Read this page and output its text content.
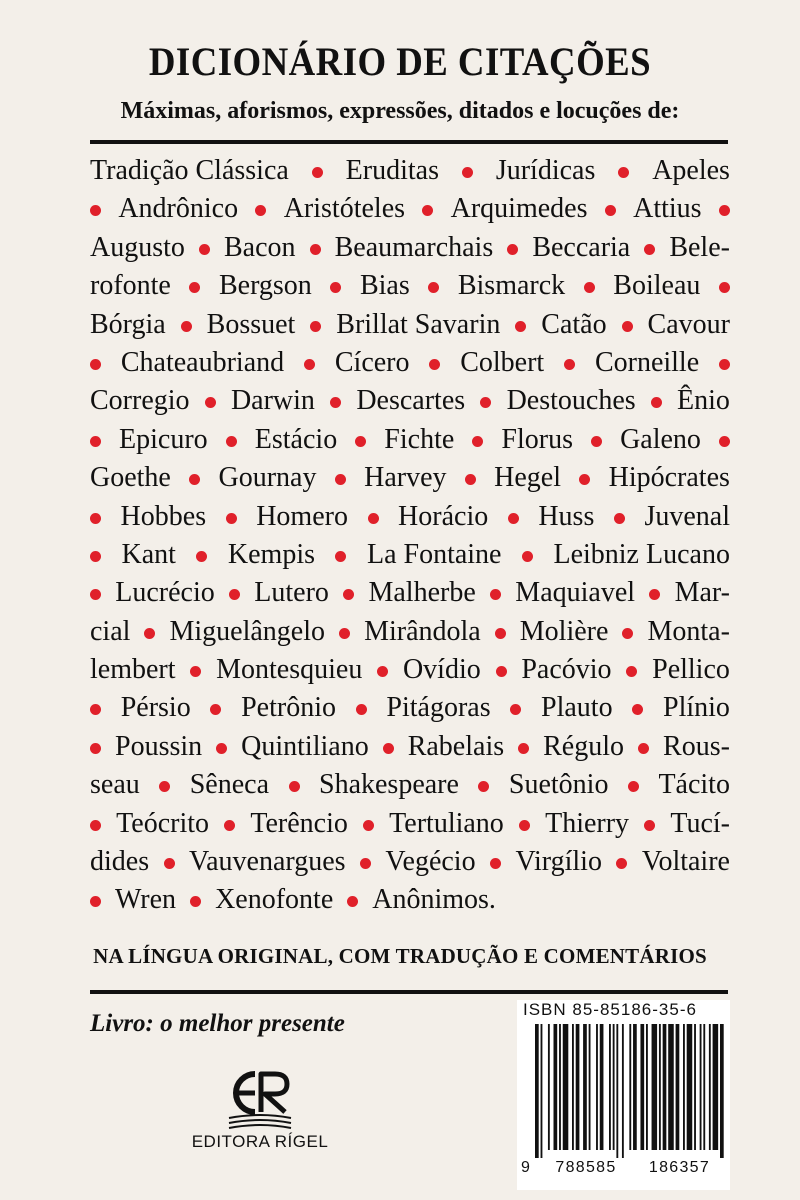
DICIONÁRIO DE CITAÇÕES
Máximas, aforismos, expressões, ditados e locuções de:
Tradição Clássica Eruditas Jurídicas Apeles
Andrônico Aristóteles Arquimedes Attius
Augusto Bacon Beaumarchais Beccaria Bele-
rofonte Bergson Bias Bismarck Boileau
Bórgia Bossuet Brillat Savarin Catão Cavour
Chateaubriand Cícero Colbert Corneille
Corregio Darwin Descartes Destouches Ênio
Epicuro Estácio Fichte Florus Galeno
Goethe Gournay Harvey Hegel Hipócrates
Hobbes Homero Horácio Huss Juvenal
Kant Kempis La Fontaine Leibniz Lucano
Lucrécio Lutero Malherbe Maquiavel Mar-
cial Miguelângelo Mirândola Molière Monta-
lembert Montesquieu Ovídio Pacóvio Pellico
Pérsio Petrônio Pitágoras Plauto Plínio
Poussin Quintiliano Rabelais Régulo Rous-
seau Sêneca Shakespeare Suetônio Tácito
Teócrito Terêncio Tertuliano Thierry Tucí-
dides Vauvenargues Vegécio Virgílio Voltaire
Wren Xenofonte Anônimos.
NA LÍNGUA ORIGINAL, COM TRADUÇÃO E COMENTÁRIOS
Livro: o melhor presente
EDITORA RÍGEL
ISBN 85-85186-35-6
9	788585	186357
